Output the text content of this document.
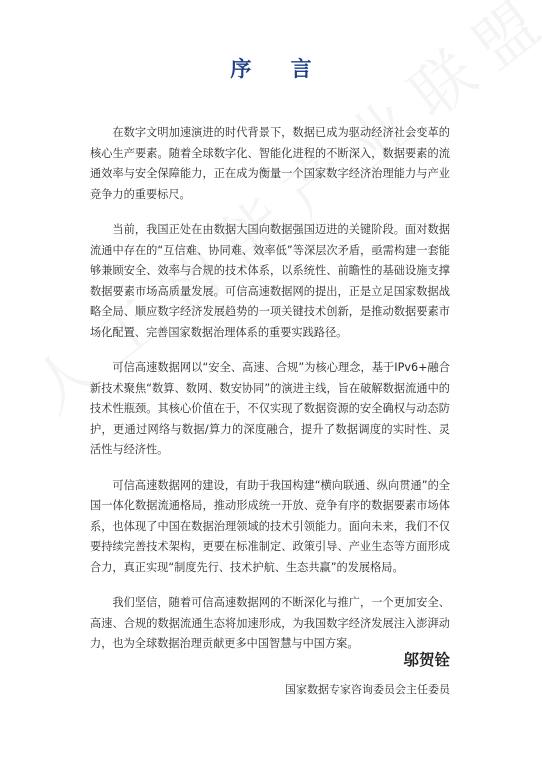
序 言

在数字文明加速演进的时代背景下，数据已成为驱动经济社会变革的核心生产要素。随着全球数字化、智能化进程的不断深入，数据要素的流通效率与安全保障能力，正在成为衡量一个国家数字经济治理能力与产业竞争力的重要标尺。

当前，我国正处在由数据大国向数据强国迈进的关键阶段。面对数据流通中存在的“互信难、协同难、效率低”等深层次矛盾，亟需构建一套能够兼顾安全、效率与合规的技术体系，以系统性、前瞻性的基础设施支撑数据要素市场高质量发展。可信高速数据网的提出，正是立足国家数据战略全局、顺应数字经济发展趋势的一项关键技术创新，是推动数据要素市场化配置、完善国家数据治理体系的重要实践路径。

可信高速数据网以“安全、高速、合规”为核心理念，基于IPv6+融合新技术聚焦“数算、数网、数安协同”的演进主线，旨在破解数据流通中的技术性瓶颈。其核心价值在于，不仅实现了数据资源的安全确权与动态防护，更通过网络与数据/算力的深度融合，提升了数据调度的实时性、灵活性与经济性。

可信高速数据网的建设，有助于我国构建“横向联通、纵向贯通”的全国一体化数据流通格局，推动形成统一开放、竞争有序的数据要素市场体系，也体现了中国在数据治理领域的技术引领能力。面向未来，我们不仅要持续完善技术架构，更要在标准制定、政策引导、产业生态等方面形成合力，真正实现“制度先行、技术护航、生态共赢”的发展格局。

我们坚信，随着可信高速数据网的不断深化与推广，一个更加安全、高速、合规的数据流通生态将加速形成，为我国数字经济发展注入澎湃动力，也为全球数据治理贡献更多中国智慧与中国方案。

邬贺铨

国家数据专家咨询委员会主任委员
